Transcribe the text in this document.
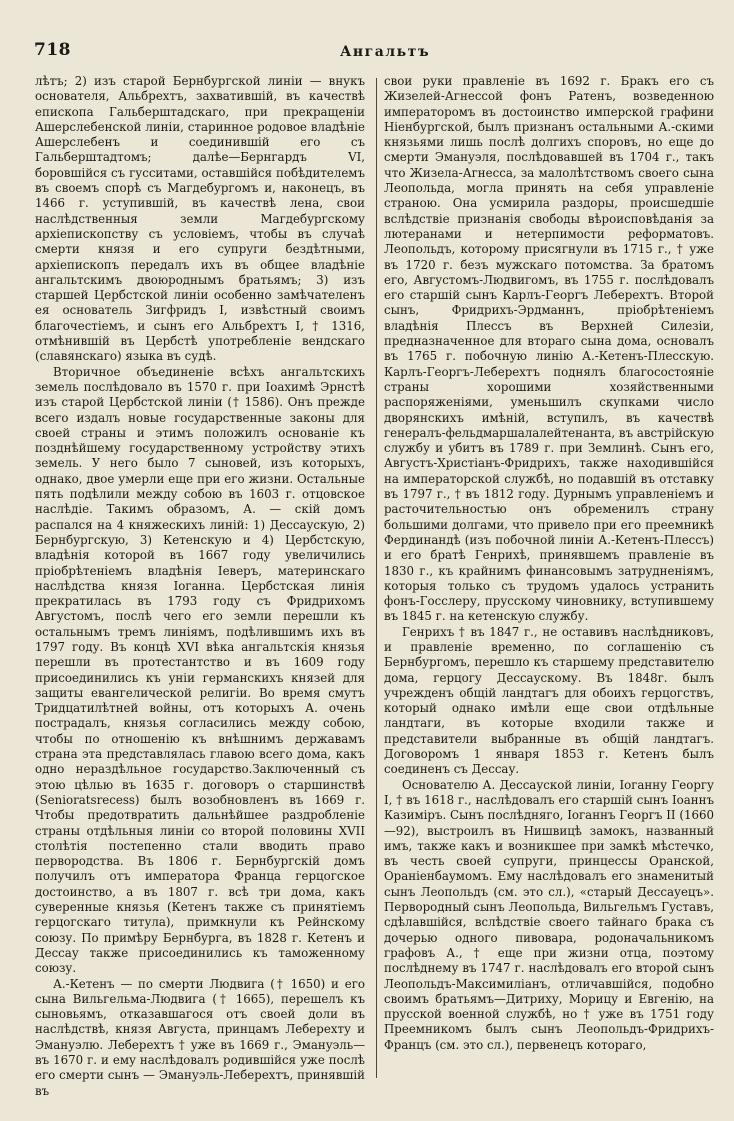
718	Ангальтъ

лѣтъ; 2) изъ старой Бернбургской линіи — внукъ основателя, Альбрехтъ, захватившій, въ качествѣ епископа Гальберштадскаго, при прекращеніи Ашерслебенской линіи, старинное родовое владѣніе Ашерслебенъ и соединившій его съ Гальберштадтомъ; далѣе—Бернгардъ VI, боровшійся съ гусситами, оставшійся побѣдителемъ въ своемъ спорѣ съ Магдебургомъ и, наконецъ, въ 1466 г. уступившій, въ качествѣ лена, свои наслѣдственныя земли Магдебургскому архіепископству съ условіемъ, чтобы въ случаѣ смерти князя и его супруги бездѣтными, архіепископъ передалъ ихъ въ общее владѣніе ангальтскимъ двоюроднымъ братьямъ; 3) изъ старшей Цербстской линіи особенно замѣчателенъ ея основатель Зигфридъ I, извѣстный своимъ благочестіемъ, и сынъ его Альбрехтъ I, † 1316, отмѣнившій въ Цербстѣ употребленіе вендскаго (славянскаго) языка въ судѣ.

Вторичное объединеніе всѣхъ ангальтскихъ земель послѣдовало въ 1570 г. при Іоахимѣ Эрнстѣ изъ старой Цербстской линіи († 1586). Онъ прежде всего издалъ новые государственные законы для своей страны и этимъ положилъ основаніе къ позднѣйшему государственному устройству этихъ земель. У него было 7 сыновей, изъ которыхъ, однако, двое умерли еще при его жизни. Остальные пять подѣлили между собою въ 1603 г. отцовское наслѣдіе. Такимъ образомъ, А. — скій домъ распался на 4 княжескихъ линій: 1) Дессаускую, 2) Бернбургскую, 3) Кетенскую и 4) Цербстскую, владѣнія которой въ 1667 году увеличились пріобрѣтеніемъ владѣнія Іеверъ, материнскаго наслѣдства князя Іоганна. Цербстская линія прекратилась въ 1793 году съ Фридрихомъ Августомъ, послѣ чего его земли перешли къ остальнымъ тремъ линіямъ, подѣлившимъ ихъ въ 1797 году. Въ концѣ XVI вѣка ангальтскія князья перешли въ протестантство и въ 1609 году присоединились къ уніи германскихъ князей для защиты евангелической религіи. Во время смутъ Тридцатилѣтней войны, отъ которыхъ А. очень пострадалъ, князья согласились между собою, чтобы по отношенію къ внѣшнимъ державамъ страна эта представлялась главою всего дома, какъ одно нераздѣльное государство.Заключенный съ этою цѣлью въ 1635 г. договоръ о старшинствѣ (Senioratsrecess) былъ возобновленъ въ 1669 г. Чтобы предотвратить дальнѣйшее раздробленіе страны отдѣльныя линіи со второй половины XVII столѣтія постепенно стали вводить право первородства. Въ 1806 г. Бернбургскій домъ получилъ отъ императора Франца герцогское достоинство, а въ 1807 г. всѣ три дома, какъ суверенные князья (Кетенъ также съ принятіемъ герцогскаго титула), примкнули къ Рейнскому союзу. По примѣру Бернбурга, въ 1828 г. Кетенъ и Дессау также присоединились къ таможенному союзу.

А.-Кетенъ — по смерти Людвига († 1650) и его сына Вильгельма-Людвига († 1665), перешелъ къ сыновьямъ, отказавшагося отъ своей доли въ наслѣдствѣ, князя Августа, принцамъ Леберехту и Эмануэлю. Леберехтъ † уже въ 1669 г., Эмануэль—въ 1670 г. и ему наслѣдовалъ родившійся уже послѣ его смерти сынъ — Эмануэль-Леберехтъ, принявшій въ

свои руки правленіе въ 1692 г. Бракъ его съ Жизелей-Агнессой фонъ Ратенъ, возведенною императоромъ въ достоинство имперской графини Ніенбургской, былъ признанъ остальными А.-скими князьями лишь послѣ долгихъ споровъ, но еще до смерти Эмануэля, послѣдовавшей въ 1704 г., такъ что Жизела-Агнесса, за малолѣтствомъ своего сына Леопольда, могла принять на себя управленіе страною. Она усмирила раздоры, происшедшіе вслѣдствіе признанія свободы вѣроисповѣданія за лютеранами и нетерпимости реформатовъ. Леопольдъ, которому присягнули въ 1715 г., † уже въ 1720 г. безъ мужскаго потомства. За братомъ его, Августомъ-Людвигомъ, въ 1755 г. послѣдовалъ его старшій сынъ Карлъ-Георгъ Леберехтъ. Второй сынъ, Фридрихъ-Эрдманнъ, пріобрѣтеніемъ владѣнія Плессъ въ Верхней Силезіи, предназначенное для втораго сына дома, основалъ въ 1765 г. побочную линію А.-Кетенъ-Плесскую. Карлъ-Георгъ-Леберехтъ поднялъ благосостояніе страны хорошими хозяйственными распоряженіями, уменьшилъ скупками число дворянскихъ имѣній, вступилъ, въ качествѣ генералъ-фельдмаршалалейтенанта, въ австрійскую службу и убитъ въ 1789 г. при Землинѣ. Сынъ его, Августъ-Христіанъ-Фридрихъ, также находившійся на императорской службѣ, но подавшій въ отставку въ 1797 г., † въ 1812 году. Дурнымъ управленіемъ и расточительностью онъ обременилъ страну большими долгами, что привело при его преемникѣ Фердинандѣ (изъ побочной линіи А.-Кетенъ-Плессъ) и его братѣ Генрихѣ, принявшемъ правленіе въ 1830 г., къ крайнимъ финансовымъ затрудненіямъ, которыя только съ трудомъ удалось устранить фонъ-Госслеру, прусскому чиновнику, вступившему въ 1845 г. на кетенскую службу.

Генрихъ † въ 1847 г., не оставивъ наслѣдниковъ, и правленіе временно, по соглашенію съ Бернбургомъ, перешло къ старшему представителю дома, герцогу Дессаускому. Въ 1848г. былъ учрежденъ общій ландтагъ для обоихъ герцогствъ, который однако имѣли еще свои отдѣльные ландтаги, въ которые входили также и представители выбранные въ общій ландтагъ. Договоромъ 1 января 1853 г. Кетенъ былъ соединенъ съ Дессау.

Основателю А. Дессауской линіи, Іоганну Георгу I, † въ 1618 г., наслѣдовалъ его старшій сынъ Іоаннъ Казиміръ. Сынъ послѣдняго, Іоганнъ Георгъ II (1660—92), выстроилъ въ Нишвицѣ замокъ, названный имъ, также какъ и возникшее при замкѣ мѣстечко, въ честь своей супруги, принцессы Оранской, Ораніенбаумомъ. Ему наслѣдовалъ его знаменитый сынъ Леопольдъ (см. это сл.), «старый Дессауецъ». Первородный сынъ Леопольда, Вильгельмъ Густавъ, сдѣлавшійся, вслѣдствіе своего тайнаго брака съ дочерью одного пивовара, родоначальникомъ графовъ А., † еще при жизни отца, поэтому послѣднему въ 1747 г. наслѣдовалъ его второй сынъ Леопольдъ-Максимиліанъ, отличавшійся, подобно своимъ братьямъ—Дитриху, Морицу и Евгенію, на прусской военной службѣ, но † уже въ 1751 году Преемникомъ былъ сынъ Леопольдъ-Фридрихъ-Францъ (см. это сл.), первенецъ котораго,
